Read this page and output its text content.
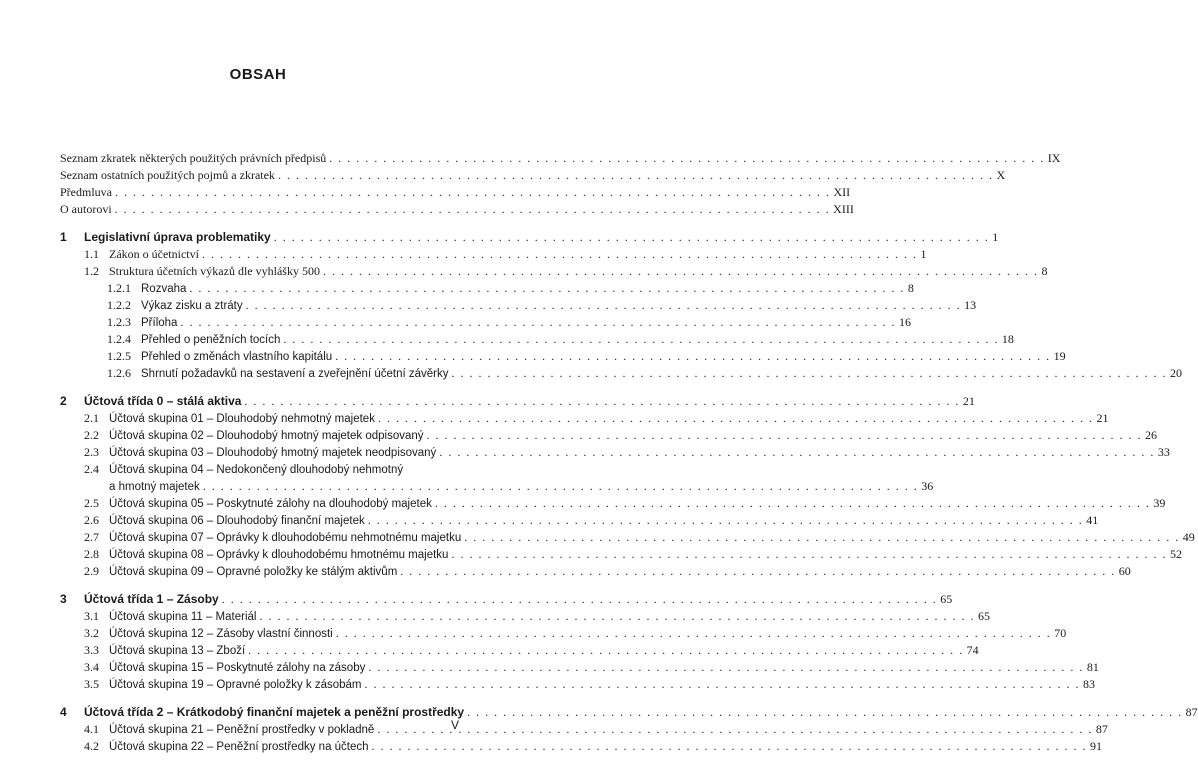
OBSAH
Seznam zkratek některých použitých právních předpisů . . .	IX
Seznam ostatních použitých pojmů a zkratek . . .	X
Předmluva . . .	XII
O autorovi . . .	XIII
1	Legislativní úprava problematiky . . .	1
1.1 Zákon o účetnictví . . .	1
1.2 Struktura účetních výkazů dle vyhlášky 500 . . .	8
1.2.1 Rozvaha . . .	8
1.2.2 Výkaz zisku a ztráty . . .	13
1.2.3 Příloha . . .	16
1.2.4 Přehled o peněžních tocích . . .	18
1.2.5 Přehled o změnách vlastního kapitálu . . .	19
1.2.6 Shrnutí požadavků na sestavení a zveřejnění účetní závěrky . . .	20
2	Účtová třída 0 – stálá aktiva . . .	21
2.1 Účtová skupina 01 – Dlouhodobý nehmotný majetek . . .	21
2.2 Účtová skupina 02 – Dlouhodobý hmotný majetek odpisovaný . . .	26
2.3 Účtová skupina 03 – Dlouhodobý hmotný majetek neodpisovaný . . .	33
2.4 Účtová skupina 04 – Nedokončený dlouhodobý nehmotný
a hmotný majetek . . .	36
2.5 Účtová skupina 05 – Poskytnuté zálohy na dlouhodobý majetek . . .	39
2.6 Účtová skupina 06 – Dlouhodobý finanční majetek . . .	41
2.7 Účtová skupina 07 – Oprávky k dlouhodobému nehmotnému majetku . . .	49
2.8 Účtová skupina 08 – Oprávky k dlouhodobému hmotnému majetku . . .	52
2.9 Účtová skupina 09 – Opravné položky ke stálým aktivům . . .	60
3	Účtová třída 1 – Zásoby . . .	65
3.1 Účtová skupina 11 – Materiál . . .	65
3.2 Účtová skupina 12 – Zásoby vlastní činnosti . . .	70
3.3 Účtová skupina 13 – Zboží . . .	74
3.4 Účtová skupina 15 – Poskytnuté zálohy na zásoby . . .	81
3.5 Účtová skupina 19 – Opravné položky k zásobám . . .	83
4	Účtová třída 2 – Krátkodobý finanční majetek a peněžní prostředky . . .	87
4.1 Účtová skupina 21 – Peněžní prostředky v pokladně . . .	87
4.2 Účtová skupina 22 – Peněžní prostředky na účtech . . .	91
V
